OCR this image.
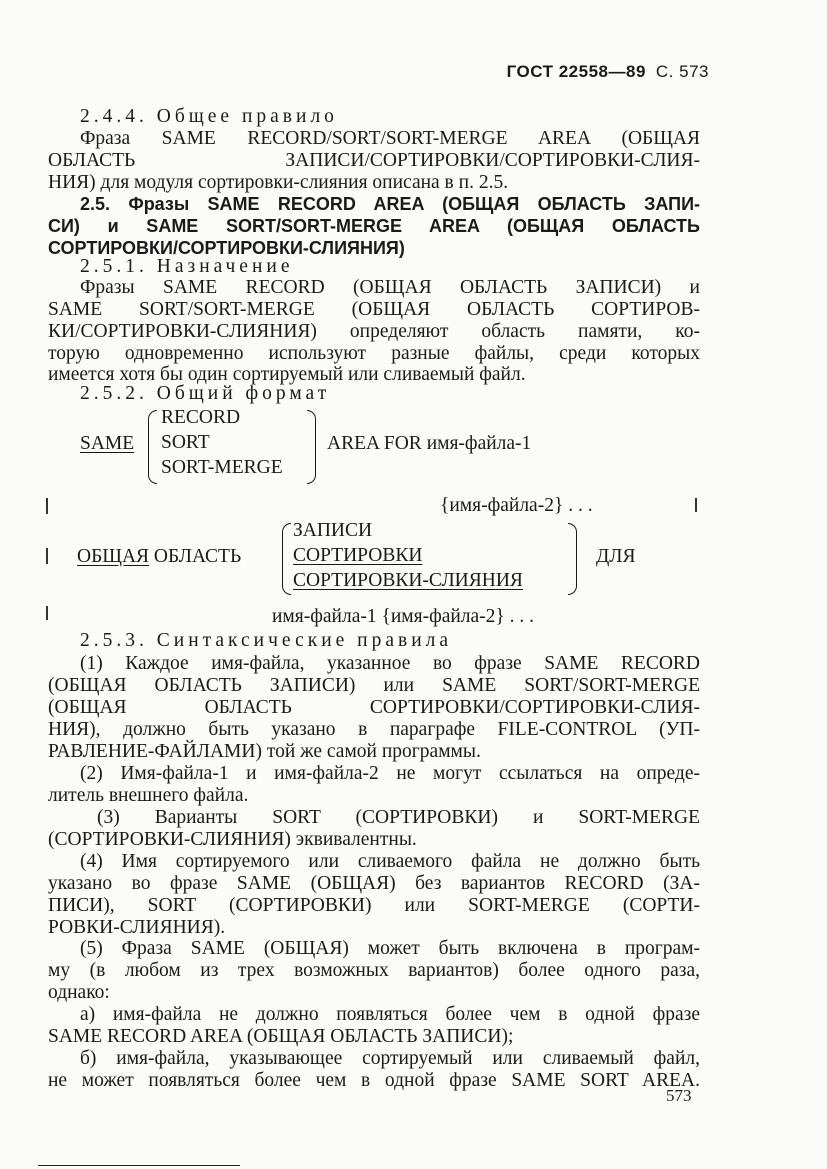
ГОСТ 22558—89 С. 573
2.4.4. Общее правило
Фраза SAME RECORD/SORT/SORT-MERGE AREA (ОБЩАЯ
ОБЛАСТЬ ЗАПИСИ/СОРТИРОВКИ/СОРТИРОВКИ-СЛИЯ-
НИЯ) для модуля сортировки-слияния описана в п. 2.5.
2.5. Фразы SAME RECORD AREA (ОБЩАЯ ОБЛАСТЬ ЗАПИ-
СИ) и SAME SORT/SORT-MERGE AREA (ОБЩАЯ ОБЛАСТЬ
СОРТИРОВКИ/СОРТИРОВКИ-СЛИЯНИЯ)
2.5.1. Назначение
Фразы SAME RECORD (ОБЩАЯ ОБЛАСТЬ ЗАПИСИ) и
SAME SORT/SORT-MERGE (ОБЩАЯ ОБЛАСТЬ СОРТИРОВ-
КИ/СОРТИРОВКИ-СЛИЯНИЯ) определяют область памяти, ко-
торую одновременно используют разные файлы, среди которых
имеется хотя бы один сортируемый или сливаемый файл.
2.5.2. Общий формат
SAME
RECORD
SORT
SORT-MERGE
AREA FOR имя-файла-1
{имя-файла-2} . . .
ОБЩАЯ ОБЛАСТЬ
ЗАПИСИ
СОРТИРОВКИ
СОРТИРОВКИ-СЛИЯНИЯ
ДЛЯ
имя-файла-1 {имя-файла-2} . . .
2.5.3. Синтаксические правила
(1) Каждое имя-файла, указанное во фразе SAME RECORD
(ОБЩАЯ ОБЛАСТЬ ЗАПИСИ) или SAME SORT/SORT-MERGE
(ОБЩАЯ ОБЛАСТЬ СОРТИРОВКИ/СОРТИРОВКИ-СЛИЯ-
НИЯ), должно быть указано в параграфе FILE-CONTROL (УП-
РАВЛЕНИЕ-ФАЙЛАМИ) той же самой программы.
(2) Имя-файла-1 и имя-файла-2 не могут ссылаться на опреде-
литель внешнего файла.
(3) Варианты SORT (СОРТИРОВКИ) и SORT-MERGE
(СОРТИРОВКИ-СЛИЯНИЯ) эквивалентны.
(4) Имя сортируемого или сливаемого файла не должно быть
указано во фразе SAME (ОБЩАЯ) без вариантов RECORD (ЗА-
ПИСИ), SORT (СОРТИРОВКИ) или SORT-MERGE (СОРТИ-
РОВКИ-СЛИЯНИЯ).
(5) Фраза SAME (ОБЩАЯ) может быть включена в програм-
му (в любом из трех возможных вариантов) более одного раза,
однако:
а) имя-файла не должно появляться более чем в одной фразе
SAME RECORD AREA (ОБЩАЯ ОБЛАСТЬ ЗАПИСИ);
б) имя-файла, указывающее сортируемый или сливаемый файл,
не может появляться более чем в одной фразе SAME SORT AREA.
573
